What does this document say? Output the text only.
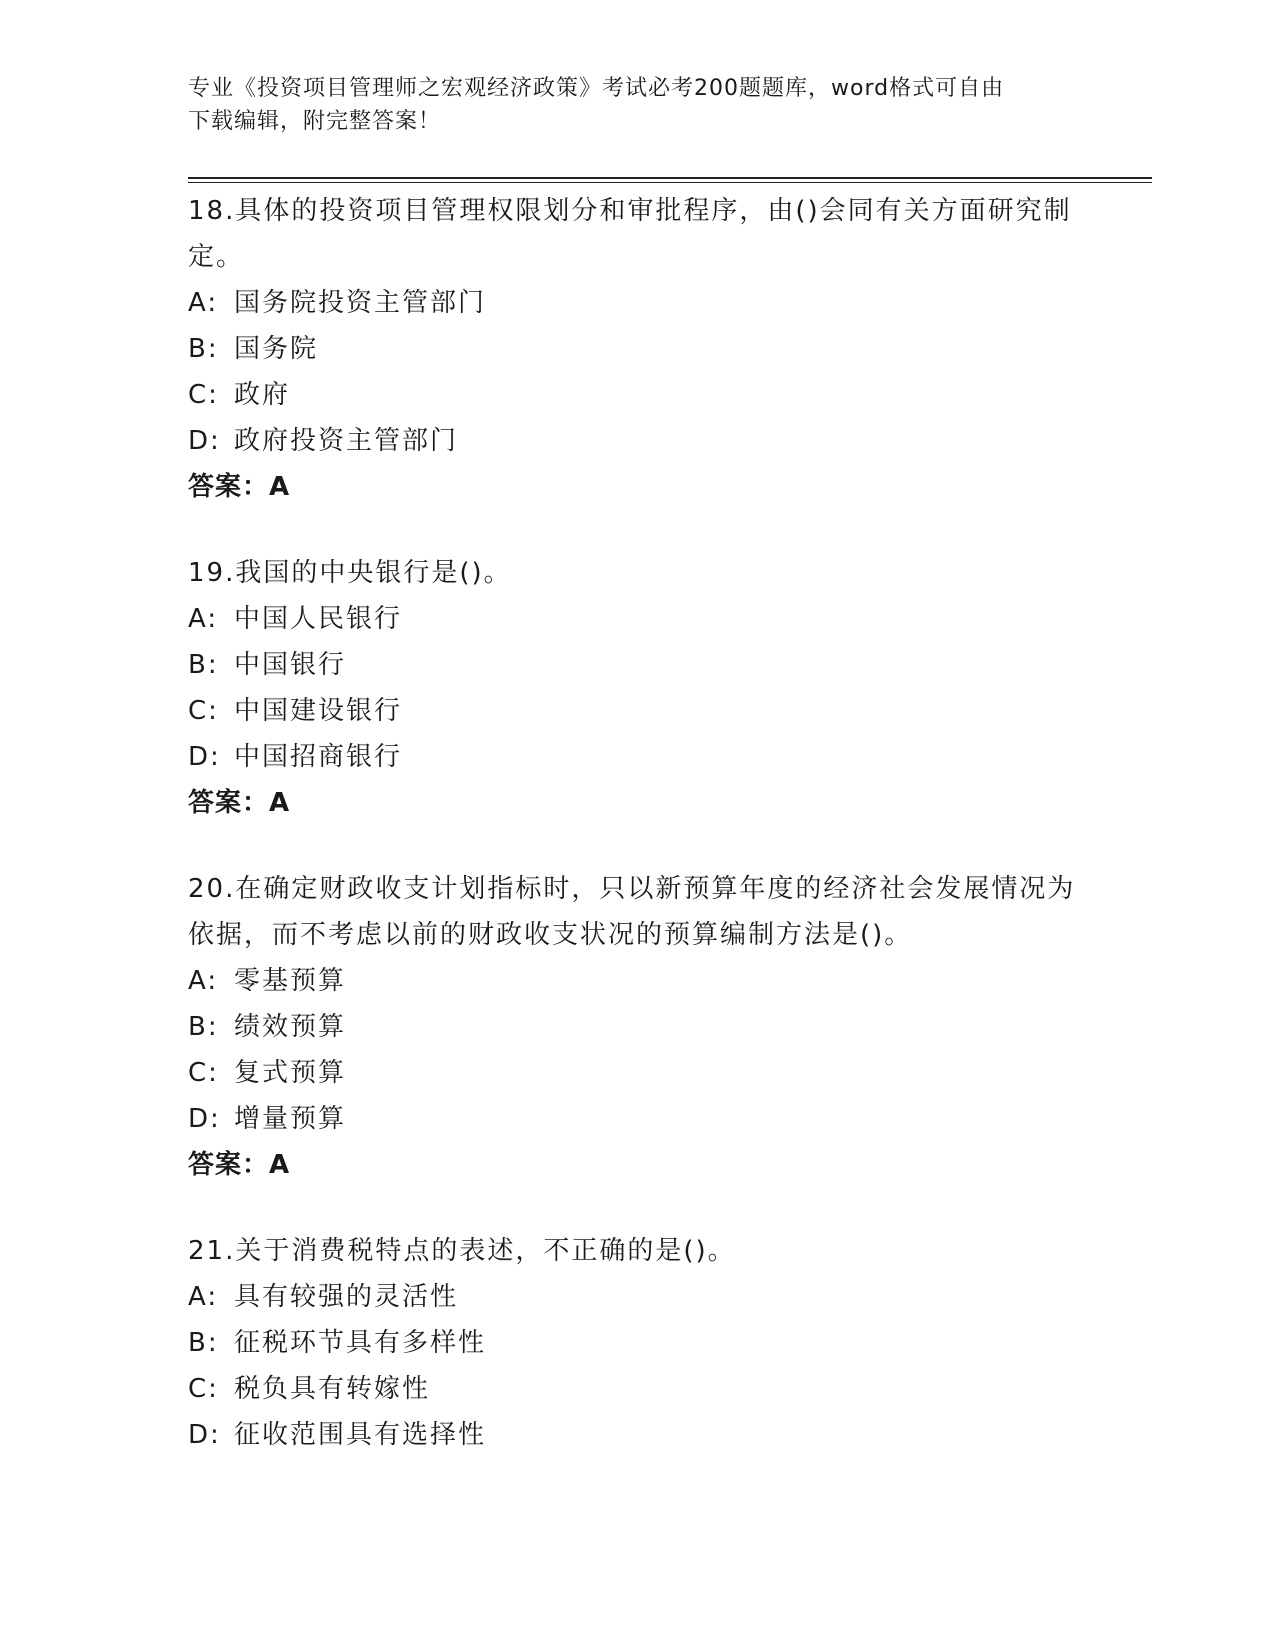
专业《投资项目管理师之宏观经济政策》考试必考200题题库，word格式可自由
下载编辑，附完整答案！
18.具体的投资项目管理权限划分和审批程序，由()会同有关方面研究制定。
A: 国务院投资主管部门
B: 国务院
C: 政府
D: 政府投资主管部门
答案：A
19.我国的中央银行是()。
A: 中国人民银行
B: 中国银行
C: 中国建设银行
D: 中国招商银行
答案：A
20.在确定财政收支计划指标时，只以新预算年度的经济社会发展情况为依据，而不考虑以前的财政收支状况的预算编制方法是()。
A: 零基预算
B: 绩效预算
C: 复式预算
D: 增量预算
答案：A
21.关于消费税特点的表述，不正确的是()。
A: 具有较强的灵活性
B: 征税环节具有多样性
C: 税负具有转嫁性
D: 征收范围具有选择性
